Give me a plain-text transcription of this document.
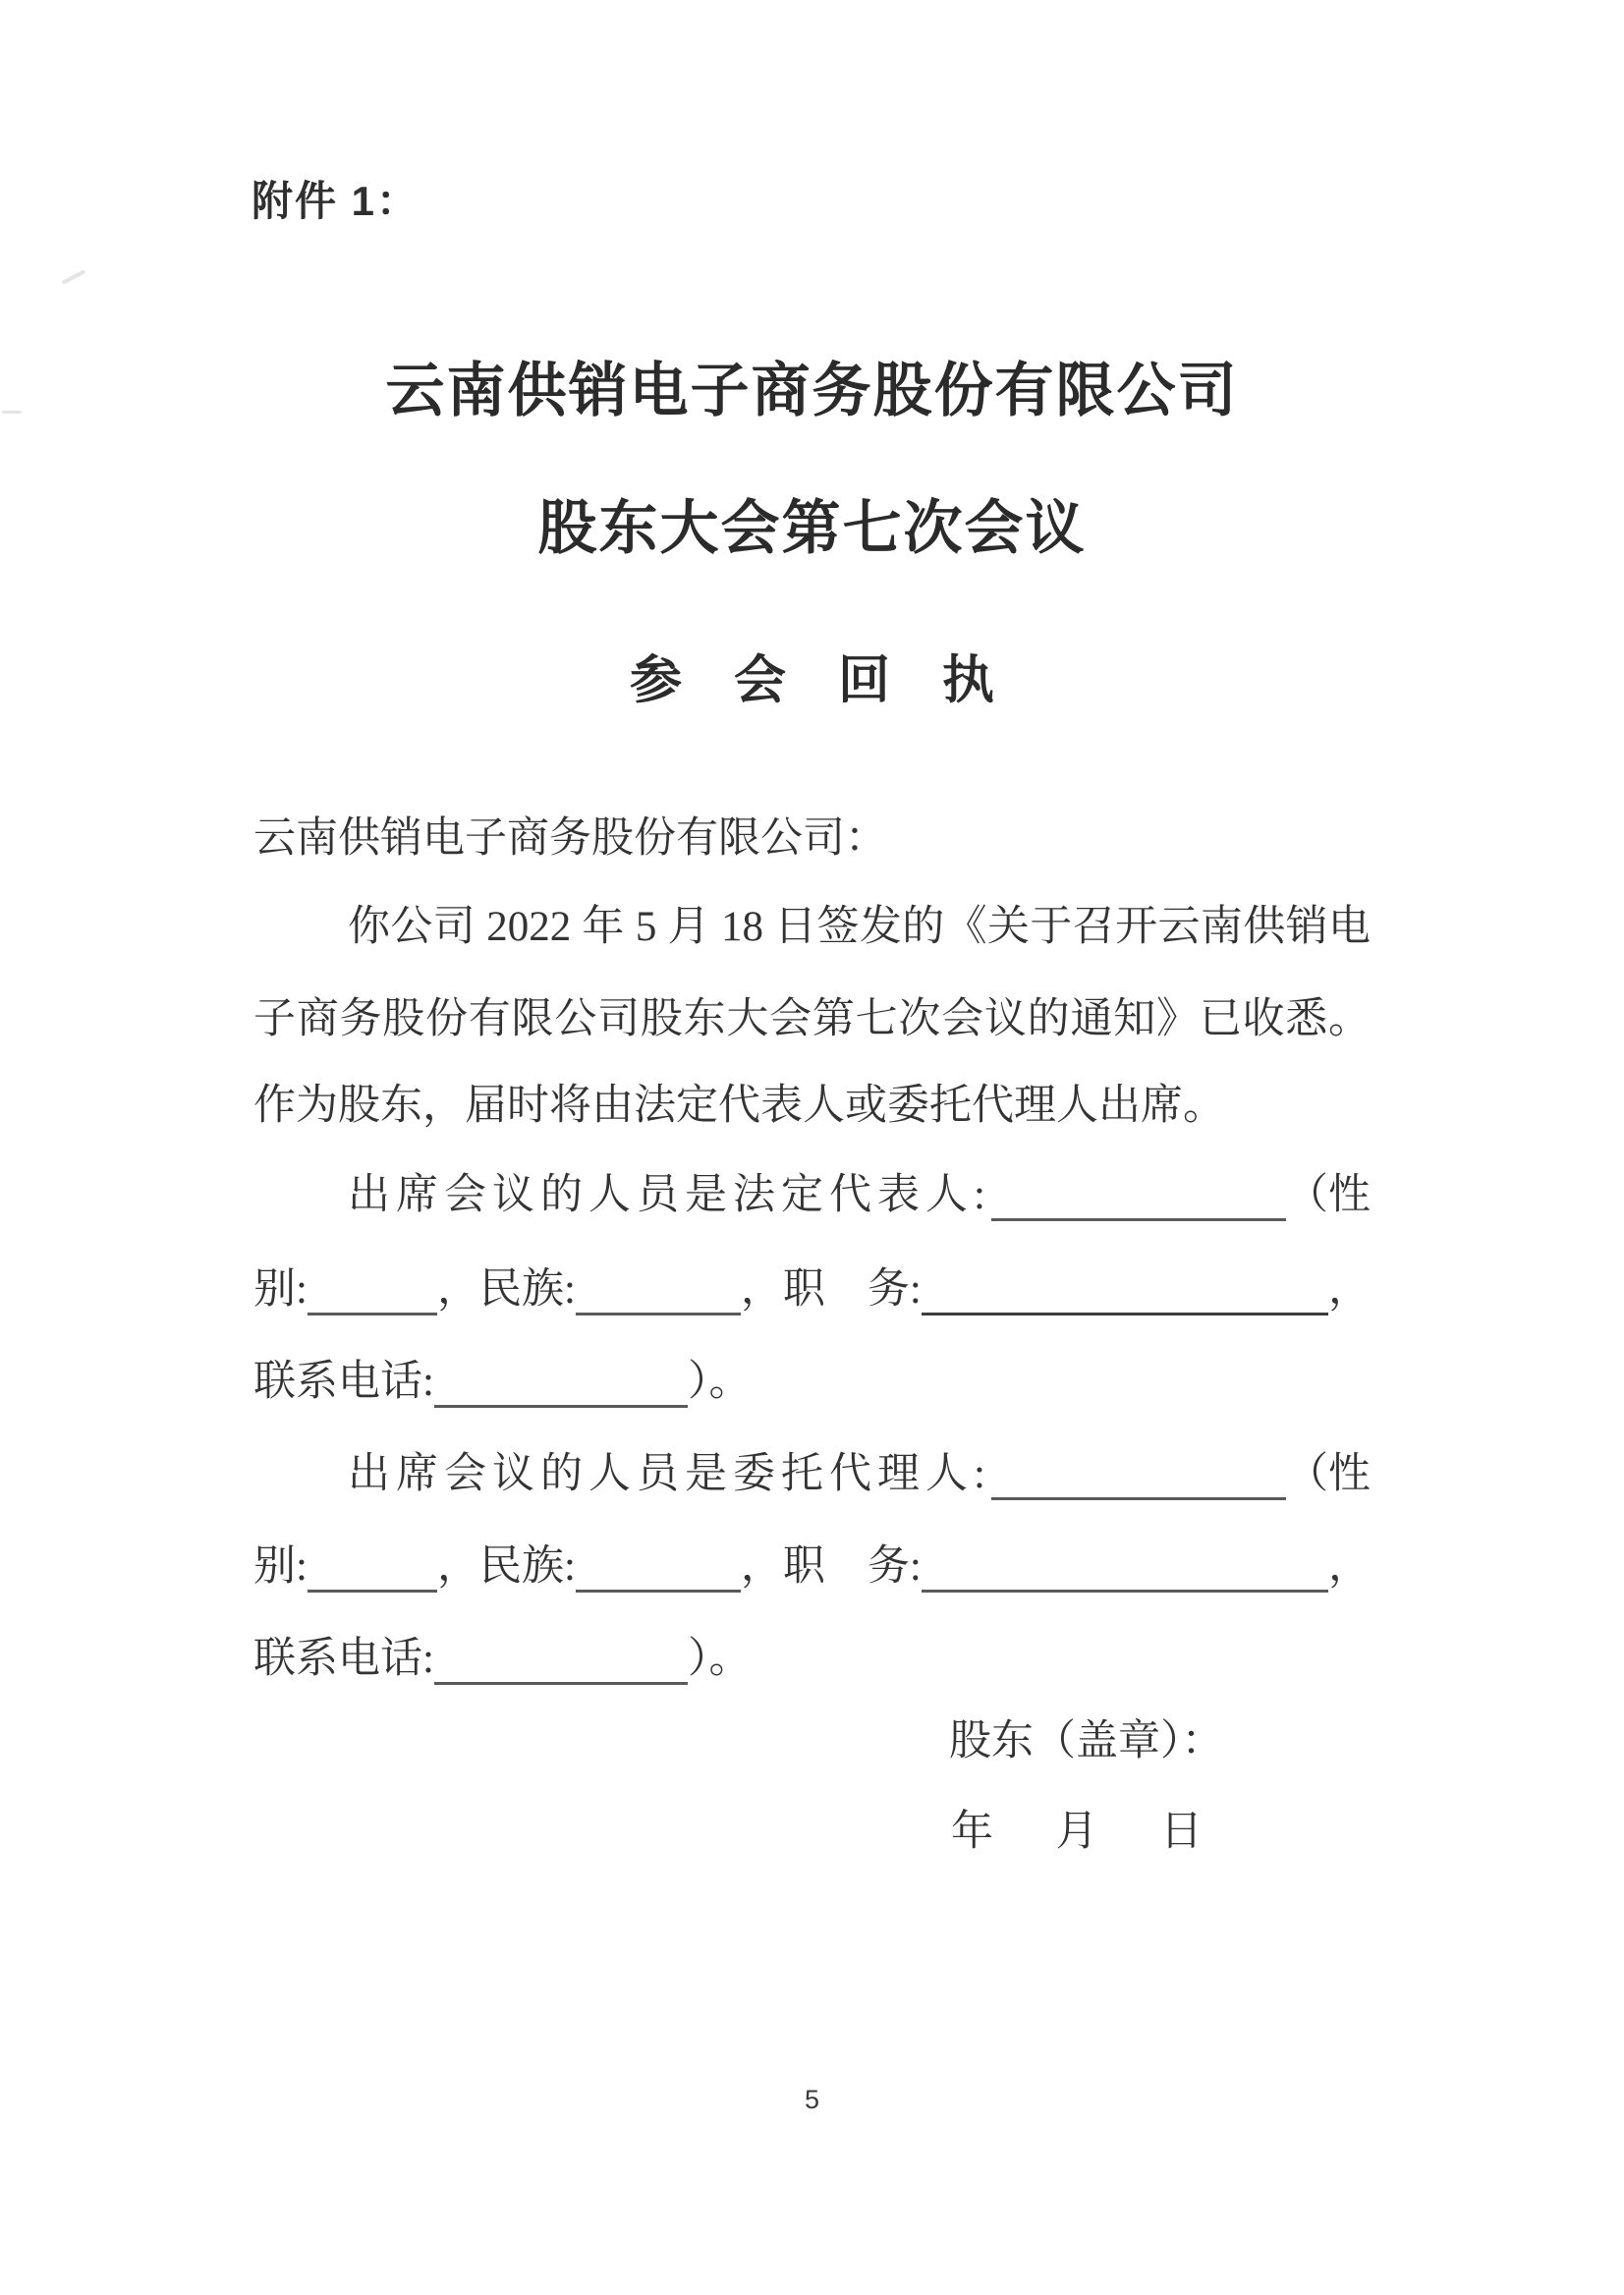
附件 1：
云南供销电子商务股份有限公司
股东大会第七次会议
参　会　回　执
云南供销电子商务股份有限公司：
你公司 2022 年 5 月 18 日签发的《关于召开云南供销电
子商务股份有限公司股东大会第七次会议的通知》已收悉。
作为股东，届时将由法定代表人或委托代理人出席。
出席会议的人员是法定代表人:	（性
别:	，民族:	，职　务:	，
联系电话:	）。
出席会议的人员是委托代理人:	（性
别:	，民族:	，职　务:	，
联系电话:	）。
股东（盖章）：
年 月 日
5
